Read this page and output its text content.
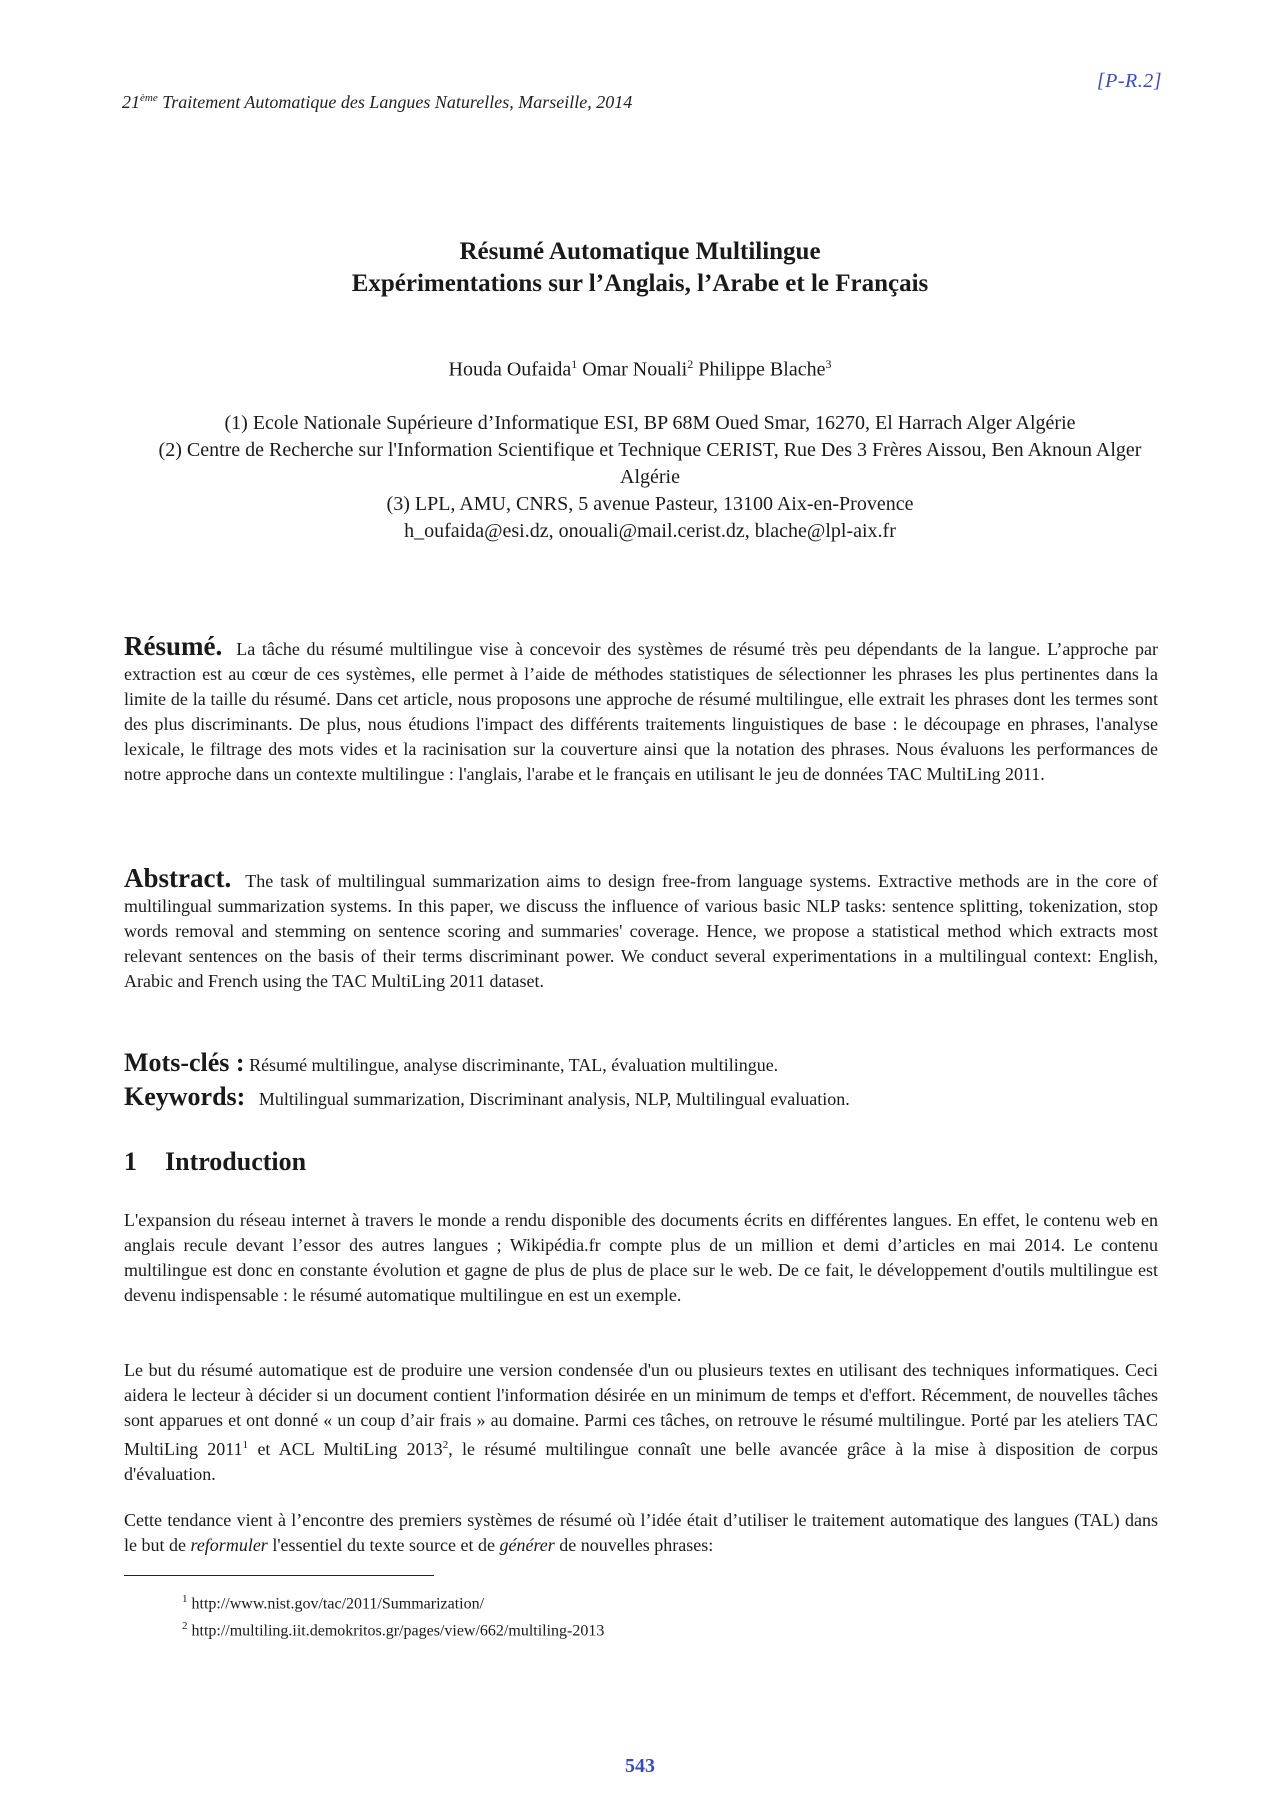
21ème Traitement Automatique des Langues Naturelles, Marseille, 2014
[P-R.2]
Résumé Automatique Multilingue
Expérimentations sur l’Anglais, l’Arabe et le Français
Houda Oufaida$^1$ Omar Nouali$^2$ Philippe Blache$^3$
(1) Ecole Nationale Supérieure d’Informatique ESI, BP 68M Oued Smar, 16270, El Harrach Alger Algérie
(2) Centre de Recherche sur l'Information Scientifique et Technique CERIST, Rue Des 3 Frères Aissou, Ben Aknoun Alger Algérie
(3) LPL, AMU, CNRS, 5 avenue Pasteur, 13100 Aix-en-Provence
h_oufaida@esi.dz, onouali@mail.cerist.dz, blache@lpl-aix.fr

Résumé. La tâche du résumé multilingue vise à concevoir des systèmes de résumé très peu dépendants de la langue. L’approche par extraction est au cœur de ces systèmes, elle permet à l’aide de méthodes statistiques de sélectionner les phrases les plus pertinentes dans la limite de la taille du résumé. Dans cet article, nous proposons une approche de résumé multilingue, elle extrait les phrases dont les termes sont des plus discriminants. De plus, nous étudions l'impact des différents traitements linguistiques de base : le découpage en phrases, l'analyse lexicale, le filtrage des mots vides et la racinisation sur la couverture ainsi que la notation des phrases. Nous évaluons les performances de notre approche dans un contexte multilingue : l'anglais, l'arabe et le français en utilisant le jeu de données TAC MultiLing 2011.

Abstract. The task of multilingual summarization aims to design free-from language systems. Extractive methods are in the core of multilingual summarization systems. In this paper, we discuss the influence of various basic NLP tasks: sentence splitting, tokenization, stop words removal and stemming on sentence scoring and summaries' coverage. Hence, we propose a statistical method which extracts most relevant sentences on the basis of their terms discriminant power. We conduct several experimentations in a multilingual context: English, Arabic and French using the TAC MultiLing 2011 dataset.

Mots-clés : Résumé multilingue, analyse discriminante, TAL, évaluation multilingue.

Keywords: Multilingual summarization, Discriminant analysis, NLP, Multilingual evaluation.

1 Introduction

L'expansion du réseau internet à travers le monde a rendu disponible des documents écrits en différentes langues. En effet, le contenu web en anglais recule devant l’essor des autres langues ; Wikipédia.fr compte plus de un million et demi d’articles en mai 2014. Le contenu multilingue est donc en constante évolution et gagne de plus de plus de place sur le web. De ce fait, le développement d'outils multilingue est devenu indispensable : le résumé automatique multilingue en est un exemple.

Le but du résumé automatique est de produire une version condensée d'un ou plusieurs textes en utilisant des techniques informatiques. Ceci aidera le lecteur à décider si un document contient l'information désirée en un minimum de temps et d'effort. Récemment, de nouvelles tâches sont apparues et ont donné « un coup d’air frais » au domaine. Parmi ces tâches, on retrouve le résumé multilingue. Porté par les ateliers TAC MultiLing 2011$^1$ et ACL MultiLing 2013$^2$, le résumé multilingue connaît une belle avancée grâce à la mise à disposition de corpus d'évaluation.

Cette tendance vient à l’encontre des premiers systèmes de résumé où l’idée était d’utiliser le traitement automatique des langues (TAL) dans le but de reformuler l'essentiel du texte source et de générer de nouvelles phrases:

$^1$ http://www.nist.gov/tac/2011/Summarization/
$^2$ http://multiling.iit.demokritos.gr/pages/view/662/multiling-2013
543
